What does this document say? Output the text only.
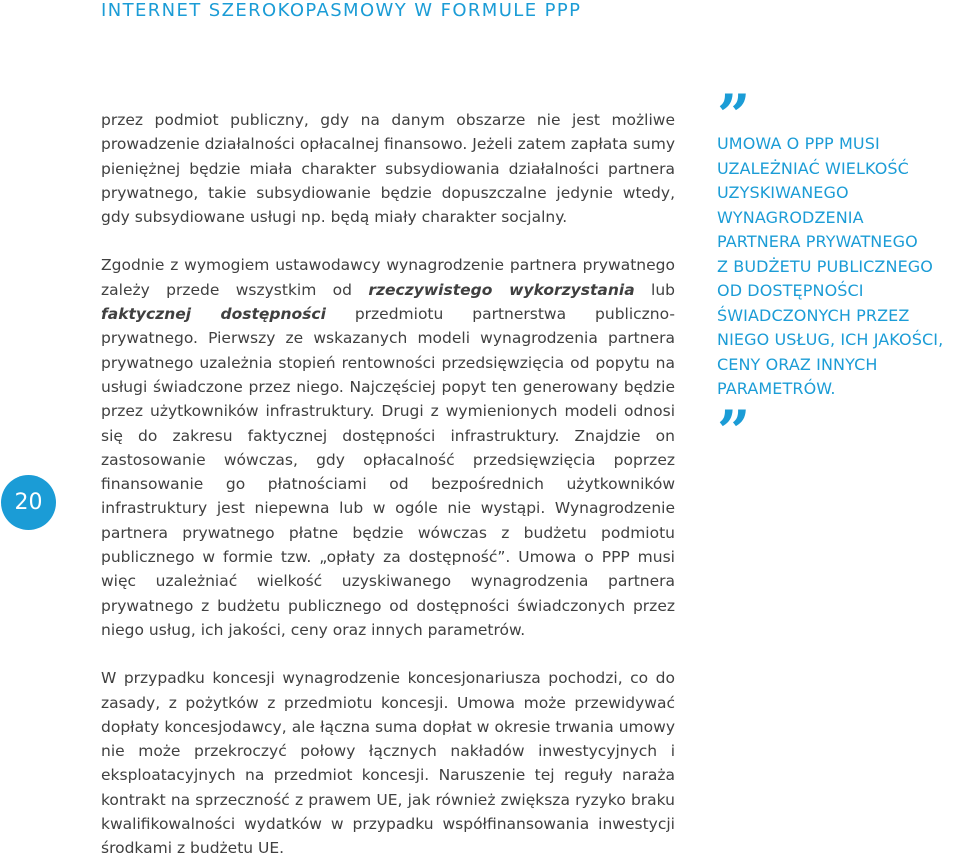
INTERNET SZEROKOPASMOWY W FORMULE PPP

przez podmiot publiczny, gdy na danym obszarze nie jest możliwe prowadzenie działalności opłacalnej finansowo. Jeżeli zatem zapłata sumy pieniężnej będzie miała charakter subsydiowania działalności partnera prywatnego, takie subsydiowanie będzie dopuszczalne jedynie wtedy, gdy subsydiowane usługi np. będą miały charakter socjalny.

Zgodnie z wymogiem ustawodawcy wynagrodzenie partnera prywatnego zależy przede wszystkim od rzeczywistego wykorzystania lub faktycznej dostępności przedmiotu partnerstwa publiczno-prywatnego. Pierwszy ze wskazanych modeli wynagrodzenia partnera prywatnego uzależnia stopień rentowności przedsięwzięcia od popytu na usługi świadczone przez niego. Najczęściej popyt ten generowany będzie przez użytkowników infrastruktury. Drugi z wymienionych modeli odnosi się do zakresu faktycznej dostępności infrastruktury. Znajdzie on zastosowanie wówczas, gdy opłacalność przedsięwzięcia poprzez finansowanie go płatnościami od bezpośrednich użytkowników infrastruktury jest niepewna lub w ogóle nie wystąpi. Wynagrodzenie partnera prywatnego płatne będzie wówczas z budżetu podmiotu publicznego w formie tzw. „opłaty za dostępność”. Umowa o PPP musi więc uzależniać wielkość uzyskiwanego wynagrodzenia partnera prywatnego z budżetu publicznego od dostępności świadczonych przez niego usług, ich jakości, ceny oraz innych parametrów.

W przypadku koncesji wynagrodzenie koncesjonariusza pochodzi, co do zasady, z pożytków z przedmiotu koncesji. Umowa może przewidywać dopłaty koncesjodawcy, ale łączna suma dopłat w okresie trwania umowy nie może przekroczyć połowy łącznych nakładów inwestycyjnych i eksploatacyjnych na przedmiot koncesji. Naruszenie tej reguły naraża kontrakt na sprzeczność z prawem UE, jak również zwiększa ryzyko braku kwalifikowalności wydatków w przypadku współfinansowania inwestycji środkami z budżetu UE.

”
UMOWA O PPP MUSI
UZALEŻNIAĆ WIELKOŚĆ
UZYSKIWANEGO
WYNAGRODZENIA
PARTNERA PRYWATNEGO
Z BUDŻETU PUBLICZNEGO
OD DOSTĘPNOŚCI
ŚWIADCZONYCH PRZEZ
NIEGO USŁUG, ICH JAKOŚCI,
CENY ORAZ INNYCH
PARAMETRÓW.
”
20
